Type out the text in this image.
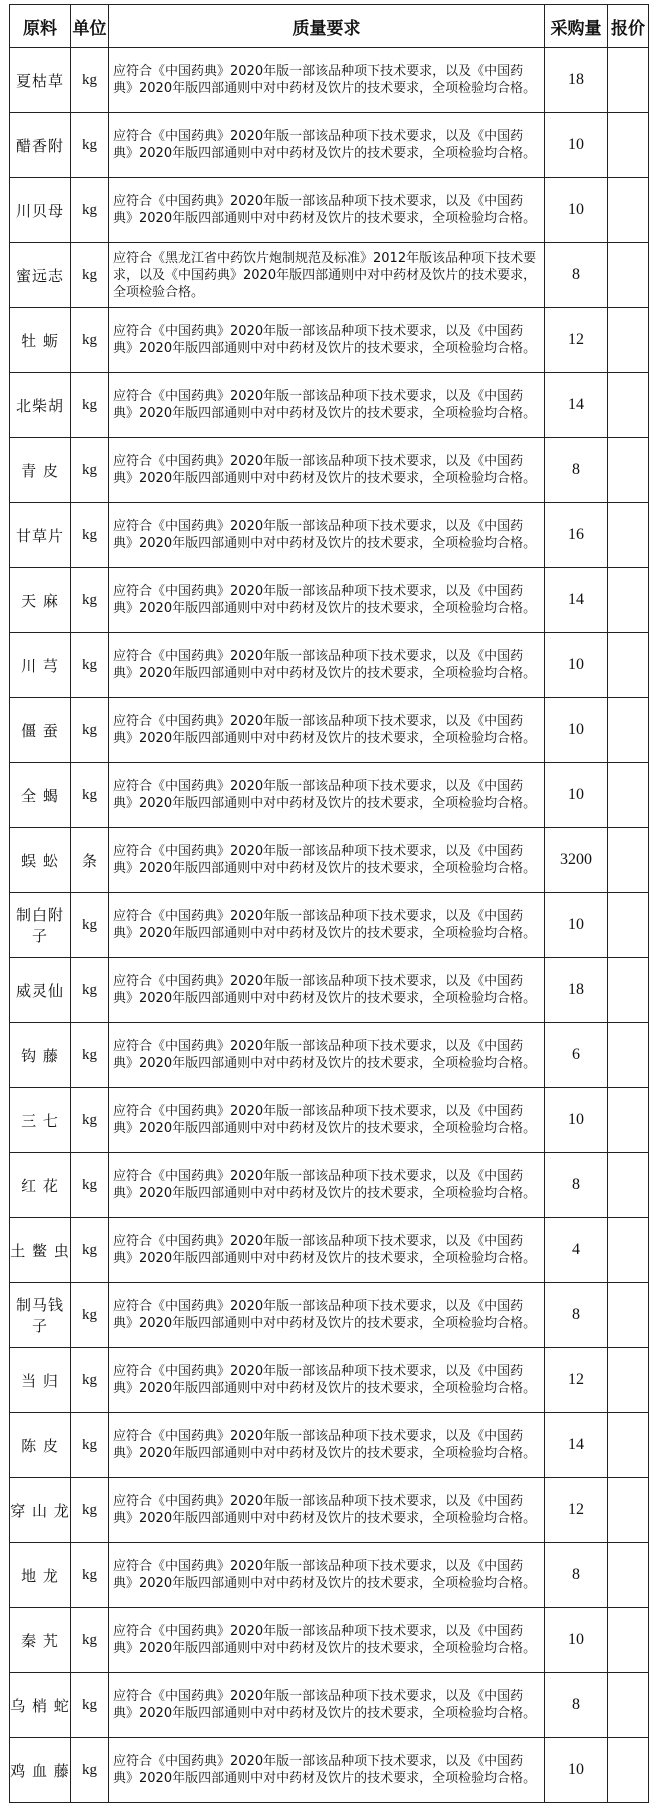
原料	单位	质量要求	采购量	报价
夏枯草	kg	应符合《中国药典》2020年版一部该品种项下技术要求，以及《中国药典》2020年版四部通则中对中药材及饮片的技术要求，全项检验均合格。	18	
醋香附	kg	应符合《中国药典》2020年版一部该品种项下技术要求，以及《中国药典》2020年版四部通则中对中药材及饮片的技术要求，全项检验均合格。	10	
川贝母	kg	应符合《中国药典》2020年版一部该品种项下技术要求，以及《中国药典》2020年版四部通则中对中药材及饮片的技术要求，全项检验均合格。	10	
蜜远志	kg	应符合《黑龙江省中药饮片炮制规范及标准》2012年版该品种项下技术要求，以及《中国药典》2020年版四部通则中对中药材及饮片的技术要求，全项检验合格。	8	
牡 蛎	kg	应符合《中国药典》2020年版一部该品种项下技术要求，以及《中国药典》2020年版四部通则中对中药材及饮片的技术要求，全项检验均合格。	12	
北柴胡	kg	应符合《中国药典》2020年版一部该品种项下技术要求，以及《中国药典》2020年版四部通则中对中药材及饮片的技术要求，全项检验均合格。	14	
青 皮	kg	应符合《中国药典》2020年版一部该品种项下技术要求，以及《中国药典》2020年版四部通则中对中药材及饮片的技术要求，全项检验均合格。	8	
甘草片	kg	应符合《中国药典》2020年版一部该品种项下技术要求，以及《中国药典》2020年版四部通则中对中药材及饮片的技术要求，全项检验均合格。	16	
天 麻	kg	应符合《中国药典》2020年版一部该品种项下技术要求，以及《中国药典》2020年版四部通则中对中药材及饮片的技术要求，全项检验均合格。	14	
川 芎	kg	应符合《中国药典》2020年版一部该品种项下技术要求，以及《中国药典》2020年版四部通则中对中药材及饮片的技术要求，全项检验均合格。	10	
僵 蚕	kg	应符合《中国药典》2020年版一部该品种项下技术要求，以及《中国药典》2020年版四部通则中对中药材及饮片的技术要求，全项检验均合格。	10	
全 蝎	kg	应符合《中国药典》2020年版一部该品种项下技术要求，以及《中国药典》2020年版四部通则中对中药材及饮片的技术要求，全项检验均合格。	10	
蜈 蚣	条	应符合《中国药典》2020年版一部该品种项下技术要求，以及《中国药典》2020年版四部通则中对中药材及饮片的技术要求，全项检验均合格。	3200	
制白附子	kg	应符合《中国药典》2020年版一部该品种项下技术要求，以及《中国药典》2020年版四部通则中对中药材及饮片的技术要求，全项检验均合格。	10	
威灵仙	kg	应符合《中国药典》2020年版一部该品种项下技术要求，以及《中国药典》2020年版四部通则中对中药材及饮片的技术要求，全项检验均合格。	18	
钩 藤	kg	应符合《中国药典》2020年版一部该品种项下技术要求，以及《中国药典》2020年版四部通则中对中药材及饮片的技术要求，全项检验均合格。	6	
三 七	kg	应符合《中国药典》2020年版一部该品种项下技术要求，以及《中国药典》2020年版四部通则中对中药材及饮片的技术要求，全项检验均合格。	10	
红 花	kg	应符合《中国药典》2020年版一部该品种项下技术要求，以及《中国药典》2020年版四部通则中对中药材及饮片的技术要求，全项检验均合格。	8	
土 鳖 虫	kg	应符合《中国药典》2020年版一部该品种项下技术要求，以及《中国药典》2020年版四部通则中对中药材及饮片的技术要求，全项检验均合格。	4	
制马钱子	kg	应符合《中国药典》2020年版一部该品种项下技术要求，以及《中国药典》2020年版四部通则中对中药材及饮片的技术要求，全项检验均合格。	8	
当 归	kg	应符合《中国药典》2020年版一部该品种项下技术要求，以及《中国药典》2020年版四部通则中对中药材及饮片的技术要求，全项检验均合格。	12	
陈 皮	kg	应符合《中国药典》2020年版一部该品种项下技术要求，以及《中国药典》2020年版四部通则中对中药材及饮片的技术要求，全项检验均合格。	14	
穿 山 龙	kg	应符合《中国药典》2020年版一部该品种项下技术要求，以及《中国药典》2020年版四部通则中对中药材及饮片的技术要求，全项检验均合格。	12	
地 龙	kg	应符合《中国药典》2020年版一部该品种项下技术要求，以及《中国药典》2020年版四部通则中对中药材及饮片的技术要求，全项检验均合格。	8	
秦 艽	kg	应符合《中国药典》2020年版一部该品种项下技术要求，以及《中国药典》2020年版四部通则中对中药材及饮片的技术要求，全项检验均合格。	10	
乌 梢 蛇	kg	应符合《中国药典》2020年版一部该品种项下技术要求，以及《中国药典》2020年版四部通则中对中药材及饮片的技术要求，全项检验均合格。	8	
鸡 血 藤	kg	应符合《中国药典》2020年版一部该品种项下技术要求，以及《中国药典》2020年版四部通则中对中药材及饮片的技术要求，全项检验均合格。	10	
